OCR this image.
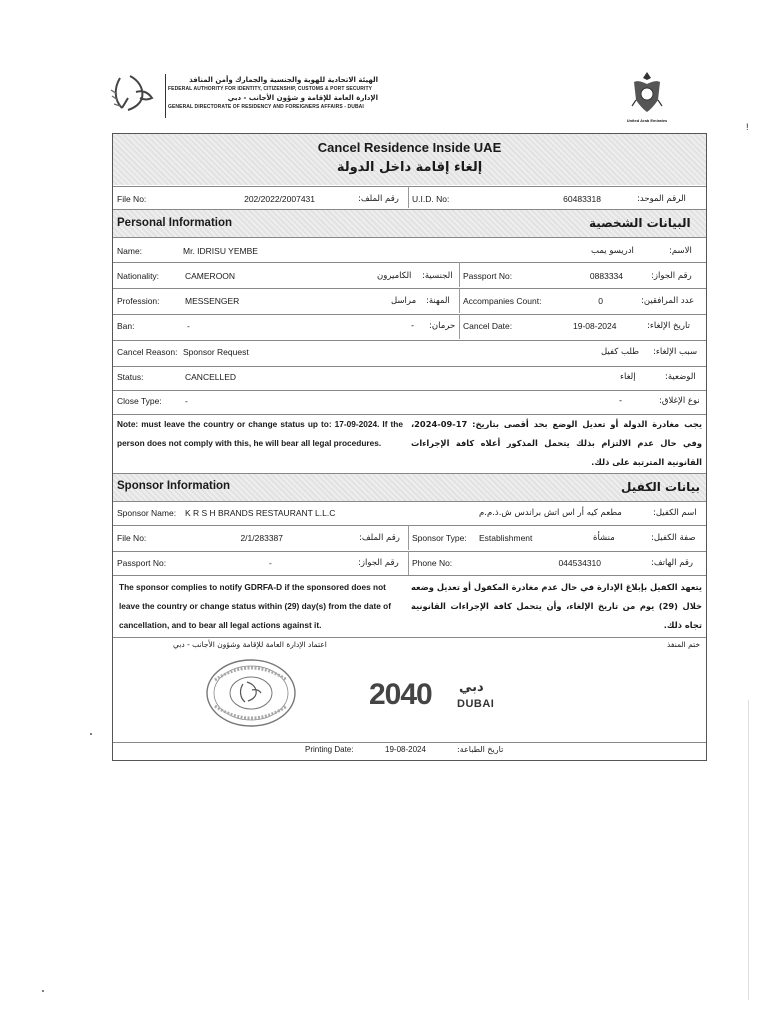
الهيئة الاتحادية للهوية والجنسية والجمارك وأمن المنافذ
FEDERAL AUTHORITY FOR IDENTITY, CITIZENSHIP, CUSTOMS & PORT SECURITY
الإدارة العامة للإقامة و شؤون الأجانب - دبي
GENERAL DIRECTORATE OF RESIDENCY AND FOREIGNERS AFFAIRS - DUBAI
United Arab Emirates
!
Cancel Residence Inside UAE
إلغاء إقامة داخل الدولة
File No:	202/2022/2007431	رقم الملف: U.I.D. No:	60483318	الرقم الموحد:
Personal Information	البيانات الشخصية
Name:	Mr. IDRISU YEMBE	ادريسو يمب	الاسم:
Nationality:	CAMEROON	الكاميرون الجنسية: Passport No:	0883334	رقم الجواز:
Profession:	MESSENGER	مراسل المهنة: Accompanies Count:	0	عدد المرافقين:
Ban:	-	- حرمان: Cancel Date:	19-08-2024	تاريخ الإلغاء:
Cancel Reason: Sponsor Request	طلب كفيل سبب الإلغاء:
Status:	CANCELLED	إلغاء	الوضعية:
Close Type:	-	-	نوع الإغلاق:
Note: must leave the country or change status up to: 17-09-2024. If the person does not comply with this, he will bear all legal procedures.
يجب مغادرة الدولة أو تعديل الوضع بحد أقصى بتاريخ: 17-09-2024، وفي حال عدم الالتزام بذلك يتحمل المذكور أعلاه كافة الإجراءات القانونية المترتبة على ذلك.
Sponsor Information	بيانات الكفيل
Sponsor Name: K R S H BRANDS RESTAURANT L.L.C	مطعم كيه أر اس اتش براندس ش.ذ.م.م	اسم الكفيل:
File No:	2/1/283387	رقم الملف: Sponsor Type: Establishment	منشأة	صفة الكفيل:
Passport No:	-	رقم الجواز: Phone No:	044534310	رقم الهاتف:
The sponsor complies to notify GDRFA-D if the sponsored does not leave the country or change status within (29) day(s) from the date of cancellation, and to bear all legal actions against it.
يتعهد الكفيل بإبلاغ الإدارة في حال عدم مغادرة المكفول أو تعديل وضعه خلال (29) يوم من تاريخ الإلغاء، وأن يتحمل كافة الإجراءات القانونية تجاه ذلك.
اعتماد الإدارة العامة للإقامة وشؤون الأجانب - دبي	ختم المنفذ
2040 دبي
DUBAI
Printing Date:	19-08-2024	تاريخ الطباعة:
